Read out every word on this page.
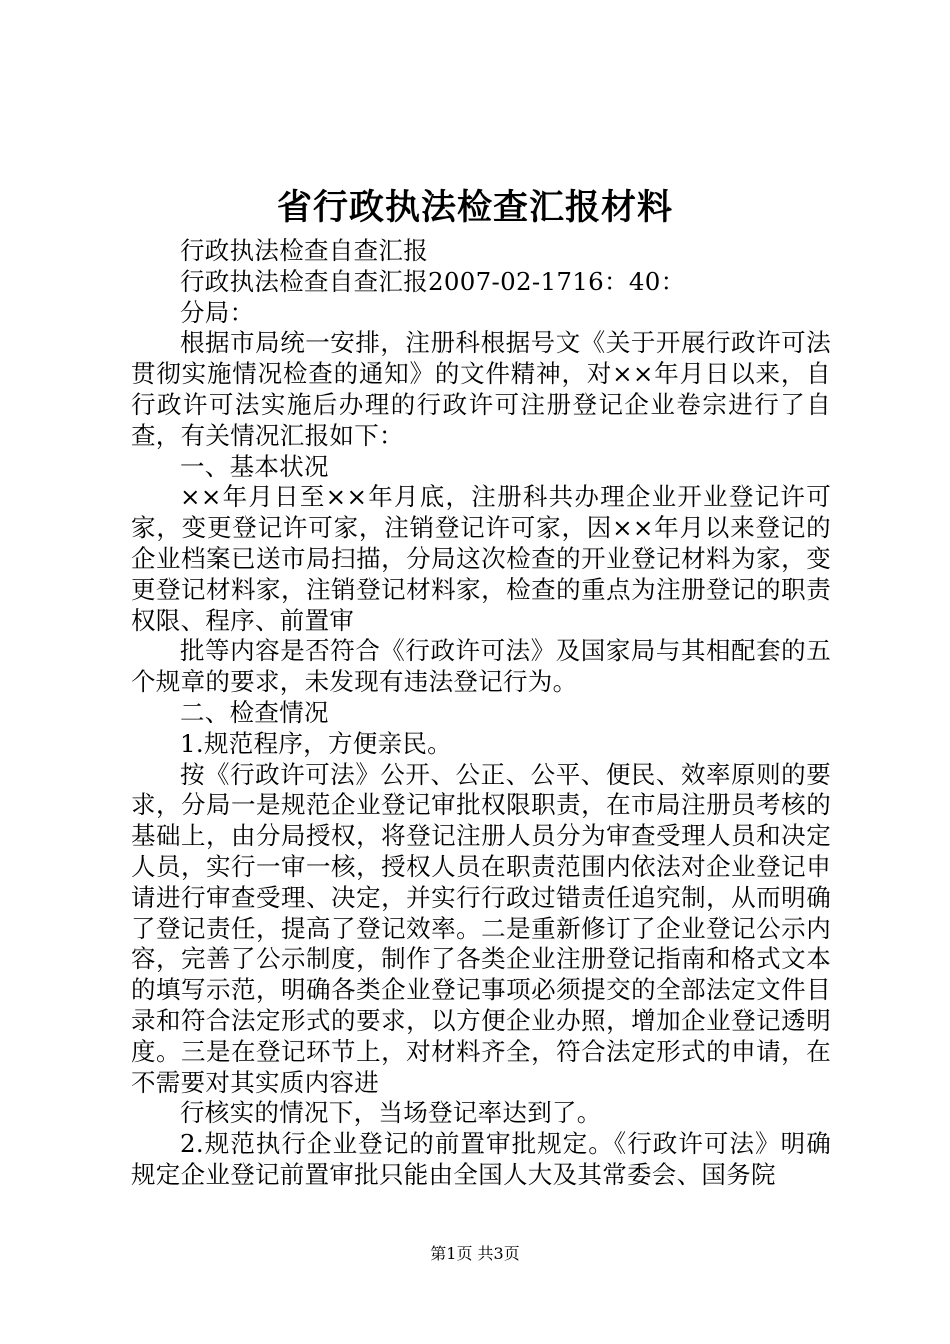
省行政执法检查汇报材料

行政执法检查自查汇报

行政执法检查自查汇报2007-02-1716：40：

分局：

根据市局统一安排，注册科根据号文《关于开展行政许可法贯彻实施情况检查的通知》的文件精神，对××年月日以来，自行政许可法实施后办理的行政许可注册登记企业卷宗进行了自查，有关情况汇报如下：

一、基本状况

××年月日至××年月底，注册科共办理企业开业登记许可家，变更登记许可家，注销登记许可家，因××年月以来登记的企业档案已送市局扫描，分局这次检查的开业登记材料为家，变更登记材料家，注销登记材料家，检查的重点为注册登记的职责权限、程序、前置审

批等内容是否符合《行政许可法》及国家局与其相配套的五个规章的要求，未发现有违法登记行为。

二、检查情况

1.规范程序，方便亲民。

按《行政许可法》公开、公正、公平、便民、效率原则的要求，分局一是规范企业登记审批权限职责，在市局注册员考核的基础上，由分局授权，将登记注册人员分为审查受理人员和决定人员，实行一审一核，授权人员在职责范围内依法对企业登记申请进行审查受理、决定，并实行行政过错责任追究制，从而明确了登记责任，提高了登记效率。二是重新修订了企业登记公示内容，完善了公示制度，制作了各类企业注册登记指南和格式文本的填写示范，明确各类企业登记事项必须提交的全部法定文件目录和符合法定形式的要求，以方便企业办照，增加企业登记透明度。三是在登记环节上，对材料齐全，符合法定形式的申请，在不需要对其实质内容进

行核实的情况下，当场登记率达到了。

2.规范执行企业登记的前置审批规定。《行政许可法》明确规定企业登记前置审批只能由全国人大及其常委会、国务院

第1页 共3页
